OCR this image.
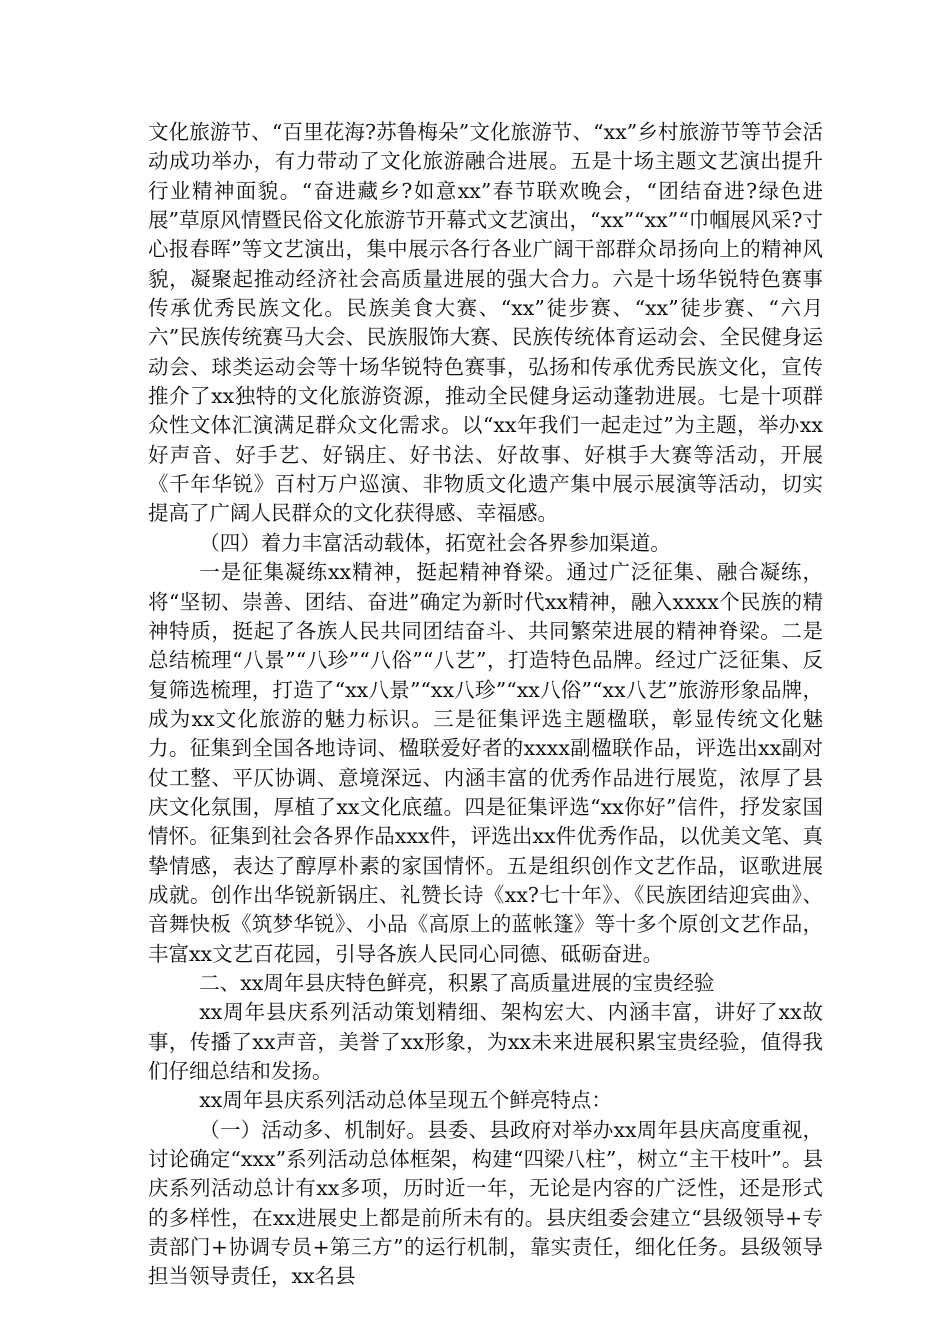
文化旅游节、“百里花海?苏鲁梅朵”文化旅游节、“xx”乡村旅游节等节会活动成功举办，有力带动了文化旅游融合进展。五是十场主题文艺演出提升行业精神面貌。“奋进藏乡?如意xx”春节联欢晚会，“团结奋进?绿色进展”草原风情暨民俗文化旅游节开幕式文艺演出，“xx”“xx”“巾帼展风采?寸心报春晖”等文艺演出，集中展示各行各业广阔干部群众昂扬向上的精神风貌，凝聚起推动经济社会高质量进展的强大合力。六是十场华锐特色赛事传承优秀民族文化。民族美食大赛、“xx”徒步赛、“xx”徒步赛、“六月六”民族传统赛马大会、民族服饰大赛、民族传统体育运动会、全民健身运动会、球类运动会等十场华锐特色赛事，弘扬和传承优秀民族文化，宣传推介了xx独特的文化旅游资源，推动全民健身运动蓬勃进展。七是十项群众性文体汇演满足群众文化需求。以“xx年我们一起走过”为主题，举办xx好声音、好手艺、好锅庄、好书法、好故事、好棋手大赛等活动，开展《千年华锐》百村万户巡演、非物质文化遗产集中展示展演等活动，切实提高了广阔人民群众的文化获得感、幸福感。

（四）着力丰富活动载体，拓宽社会各界参加渠道。

一是征集凝练xx精神，挺起精神脊梁。通过广泛征集、融合凝练，将“坚韧、崇善、团结、奋进”确定为新时代xx精神，融入xxxx个民族的精神特质，挺起了各族人民共同团结奋斗、共同繁荣进展的精神脊梁。二是总结梳理“八景”“八珍”“八俗”“八艺”，打造特色品牌。经过广泛征集、反复筛选梳理，打造了“xx八景”“xx八珍”“xx八俗”“xx八艺”旅游形象品牌，成为xx文化旅游的魅力标识。三是征集评选主题楹联，彰显传统文化魅力。征集到全国各地诗词、楹联爱好者的xxxx副楹联作品，评选出xx副对仗工整、平仄协调、意境深远、内涵丰富的优秀作品进行展览，浓厚了县庆文化氛围，厚植了xx文化底蕴。四是征集评选“xx你好”信件，抒发家国情怀。征集到社会各界作品xxx件，评选出xx件优秀作品，以优美文笔、真挚情感，表达了醇厚朴素的家国情怀。五是组织创作文艺作品，讴歌进展成就。创作出华锐新锅庄、礼赞长诗《xx?七十年》、《民族团结迎宾曲》、音舞快板《筑梦华锐》、小品《高原上的蓝帐篷》等十多个原创文艺作品，丰富xx文艺百花园，引导各族人民同心同德、砥砺奋进。

二、xx周年县庆特色鲜亮，积累了高质量进展的宝贵经验

xx周年县庆系列活动策划精细、架构宏大、内涵丰富，讲好了xx故事，传播了xx声音，美誉了xx形象，为xx未来进展积累宝贵经验，值得我们仔细总结和发扬。

xx周年县庆系列活动总体呈现五个鲜亮特点：

（一）活动多、机制好。县委、县政府对举办xx周年县庆高度重视，讨论确定“xxx”系列活动总体框架，构建“四梁八柱”，树立“主干枝叶”。县庆系列活动总计有xx多项，历时近一年，无论是内容的广泛性，还是形式的多样性，在xx进展史上都是前所未有的。县庆组委会建立“县级领导+专责部门+协调专员+第三方”的运行机制，靠实责任，细化任务。县级领导担当领导责任，xx名县
